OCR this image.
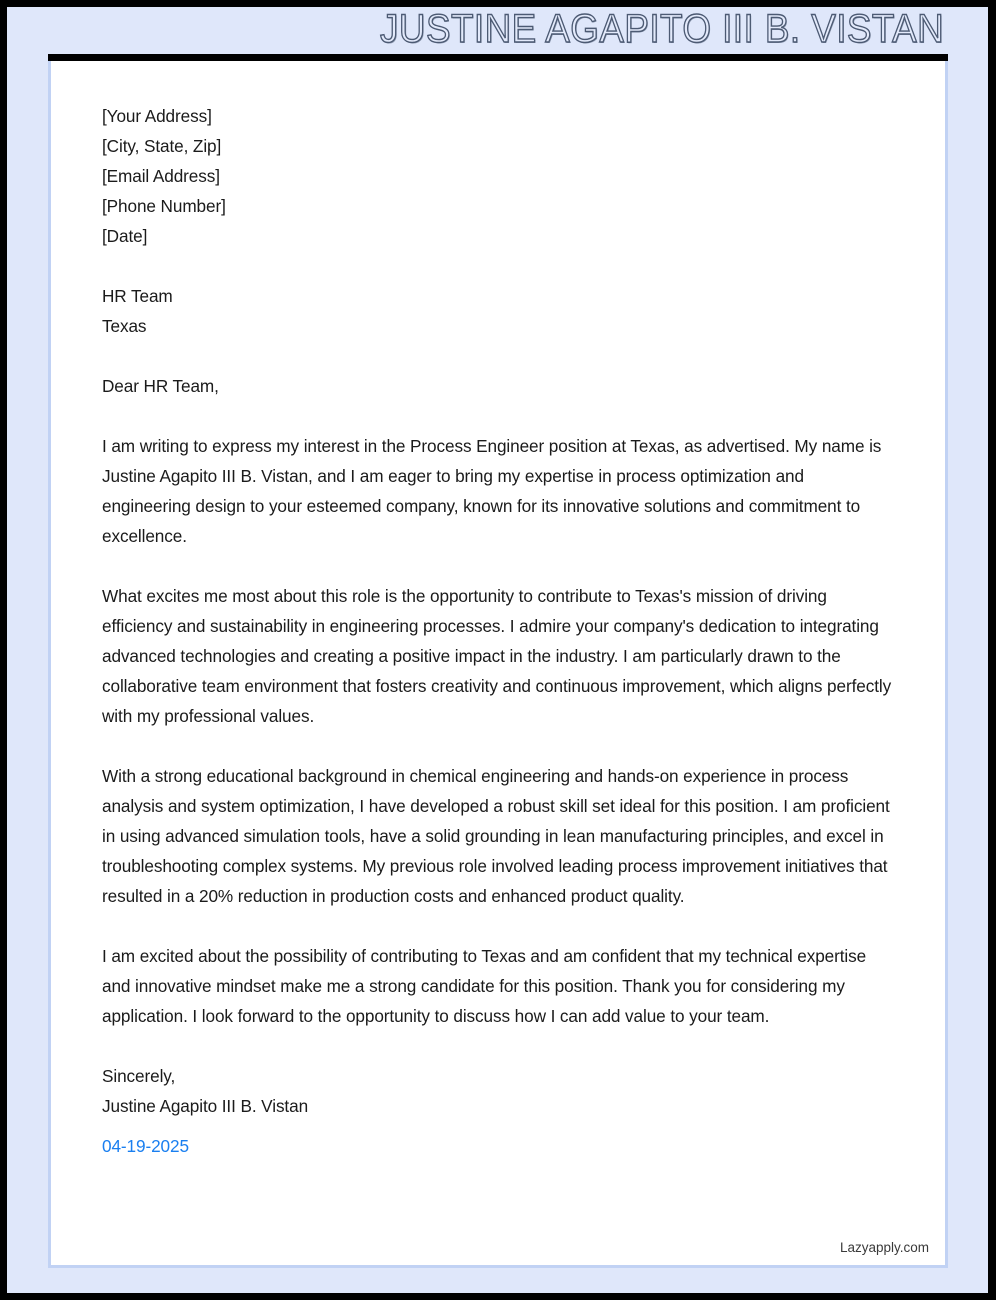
JUSTINE AGAPITO III B. VISTAN
[Your Address]
[City, State, Zip]
[Email Address]
[Phone Number]
[Date]
HR Team
Texas

Dear HR Team,

I am writing to express my interest in the Process Engineer position at Texas, as advertised. My name is Justine Agapito III B. Vistan, and I am eager to bring my expertise in process optimization and engineering design to your esteemed company, known for its innovative solutions and commitment to excellence.

What excites me most about this role is the opportunity to contribute to Texas's mission of driving efficiency and sustainability in engineering processes. I admire your company's dedication to integrating advanced technologies and creating a positive impact in the industry. I am particularly drawn to the collaborative team environment that fosters creativity and continuous improvement, which aligns perfectly with my professional values.

With a strong educational background in chemical engineering and hands-on experience in process analysis and system optimization, I have developed a robust skill set ideal for this position. I am proficient in using advanced simulation tools, have a solid grounding in lean manufacturing principles, and excel in troubleshooting complex systems. My previous role involved leading process improvement initiatives that resulted in a 20% reduction in production costs and enhanced product quality.

I am excited about the possibility of contributing to Texas and am confident that my technical expertise and innovative mindset make me a strong candidate for this position. Thank you for considering my application. I look forward to the opportunity to discuss how I can add value to your team.

Sincerely,
Justine Agapito III B. Vistan
04-19-2025
Lazyapply.com
